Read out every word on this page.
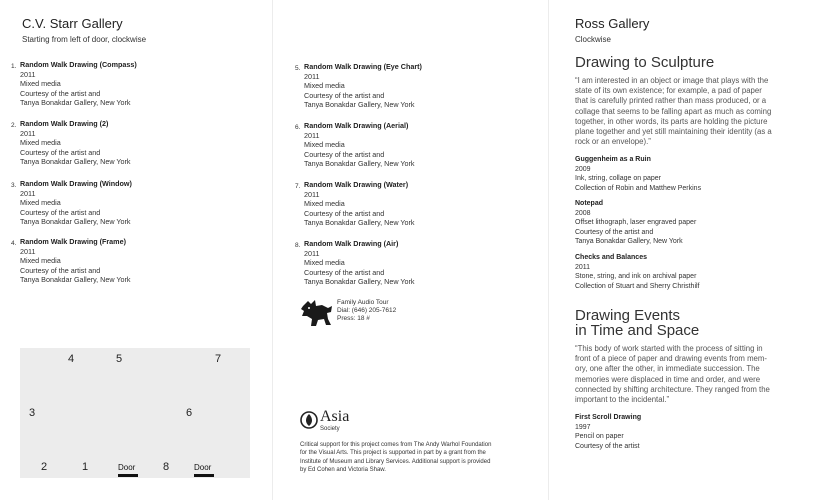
C.V. Starr Gallery
Starting from left of door, clockwise
1. Random Walk Drawing (Compass)
2011
Mixed media
Courtesy of the artist and
Tanya Bonakdar Gallery, New York
2. Random Walk Drawing (2)
2011
Mixed media
Courtesy of the artist and
Tanya Bonakdar Gallery, New York
3. Random Walk Drawing (Window)
2011
Mixed media
Courtesy of the artist and
Tanya Bonakdar Gallery, New York
4. Random Walk Drawing (Frame)
2011
Mixed media
Courtesy of the artist and
Tanya Bonakdar Gallery, New York
5. Random Walk Drawing (Eye Chart)
2011
Mixed media
Courtesy of the artist and
Tanya Bonakdar Gallery, New York
6. Random Walk Drawing (Aerial)
2011
Mixed media
Courtesy of the artist and
Tanya Bonakdar Gallery, New York
7. Random Walk Drawing (Water)
2011
Mixed media
Courtesy of the artist and
Tanya Bonakdar Gallery, New York
8. Random Walk Drawing (Air)
2011
Mixed media
Courtesy of the artist and
Tanya Bonakdar Gallery, New York
4	5	7
3	6
2	1	8
Door	Door
Family Audio Tour
Dial: (646) 205-7612
Press: 18 #
Asia
Society
Critical support for this project comes from The Andy Warhol Foundation
for the Visual Arts. This project is supported in part by a grant from the
Institute of Museum and Library Services. Additional support is provided
by Ed Cohen and Victoria Shaw.
Ross Gallery
Clockwise
Drawing to Sculpture
“I am interested in an object or image that plays with the
state of its own existence; for example, a pad of paper
that is carefully printed rather than mass produced, or a
collage that seems to be falling apart as much as coming
together, in other words, its parts are holding the picture
plane together and yet still maintaining their identity (as a
rock or an envelope).”
Guggenheim as a Ruin
2009
Ink, string, collage on paper
Collection of Robin and Matthew Perkins
Notepad
2008
Offset lithograph, laser engraved paper
Courtesy of the artist and
Tanya Bonakdar Gallery, New York
Checks and Balances
2011
Stone, string, and ink on archival paper
Collection of Stuart and Sherry Christhilf
Drawing Events
in Time and Space
“This body of work started with the process of sitting in
front of a piece of paper and drawing events from mem-
ory, one after the other, in immediate succession. The
memories were displaced in time and order, and were
connected by shifting architecture. They ranged from the
important to the incidental.”
First Scroll Drawing
1997
Pencil on paper
Courtesy of the artist
